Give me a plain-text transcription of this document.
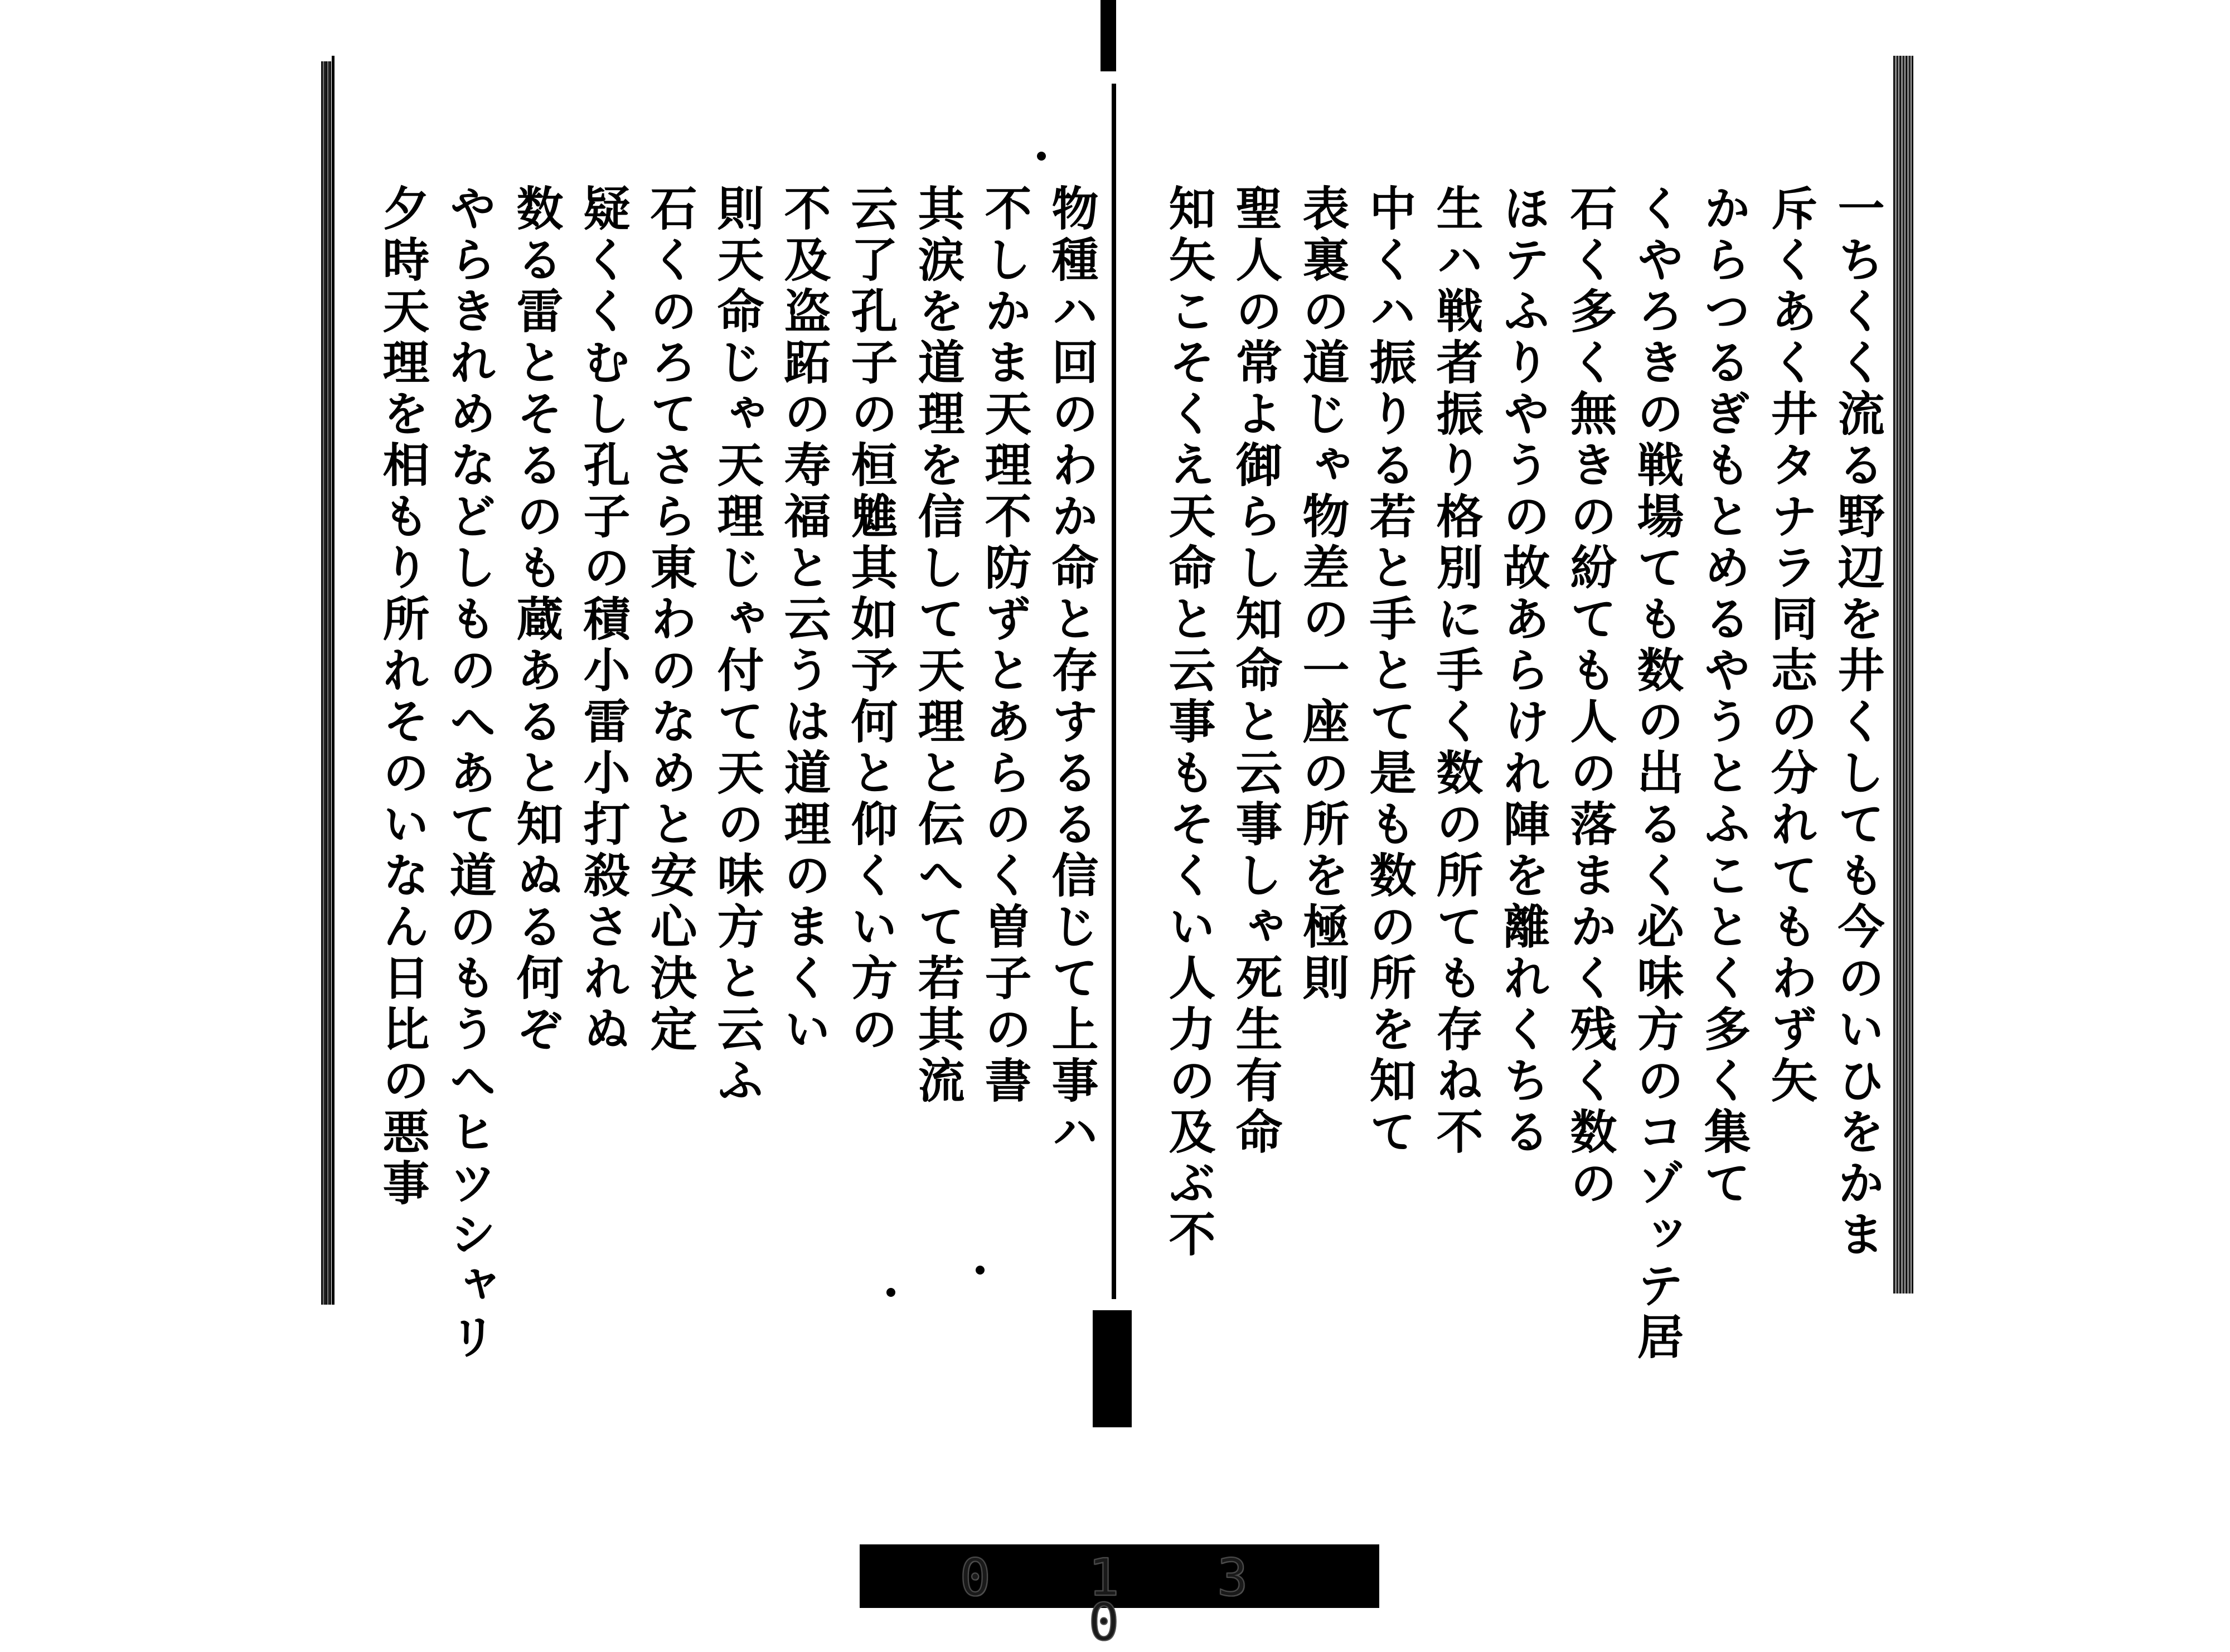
一ちくく流る野辺を井くしても今のいひをかま
斥くあく井タナラ同志の分れてもわず矢
からつるぎもとめるやうとふことく多く集て
くやろきの戦場ても数の出るく必味方のコゾッテ居
石く多く無きの紛ても人の落まかく残く数の
ほテふりやうの故あらけれ陣を離れくちる
生ハ戦者振り格別に手く数の所ても存ね不
中くハ振りる若と手とて是も数の所を知て
表裏の道じゃ物差の一座の所を極則
聖人の常よ御らし知命と云事しゃ死生有命
知矢こそくえ天命と云事もそくい人力の及ぶ不
物種ハ回のわか命と存するる信じて上事ハ
不しかま天理不防ずとあらのく曽子の書
其涙を道理を信して天理と伝へて若其流
云了孔子の桓魋其如予何と仰くい方の
不及盗跖の寿福と云うは道理のまくい
則天命じゃ天理じゃ付て天の味方と云ふ
石くのろてさら東わのなめと安心決定
疑くくむし孔子の積小雷小打殺されぬ
数る雷とそるのも蔵あると知ぬる何ぞ
やらきれめなどしものへあて道のもうへヒツシャリ
夕時天理を相もり所れそのいなん日比の悪事
0 1 3 0
